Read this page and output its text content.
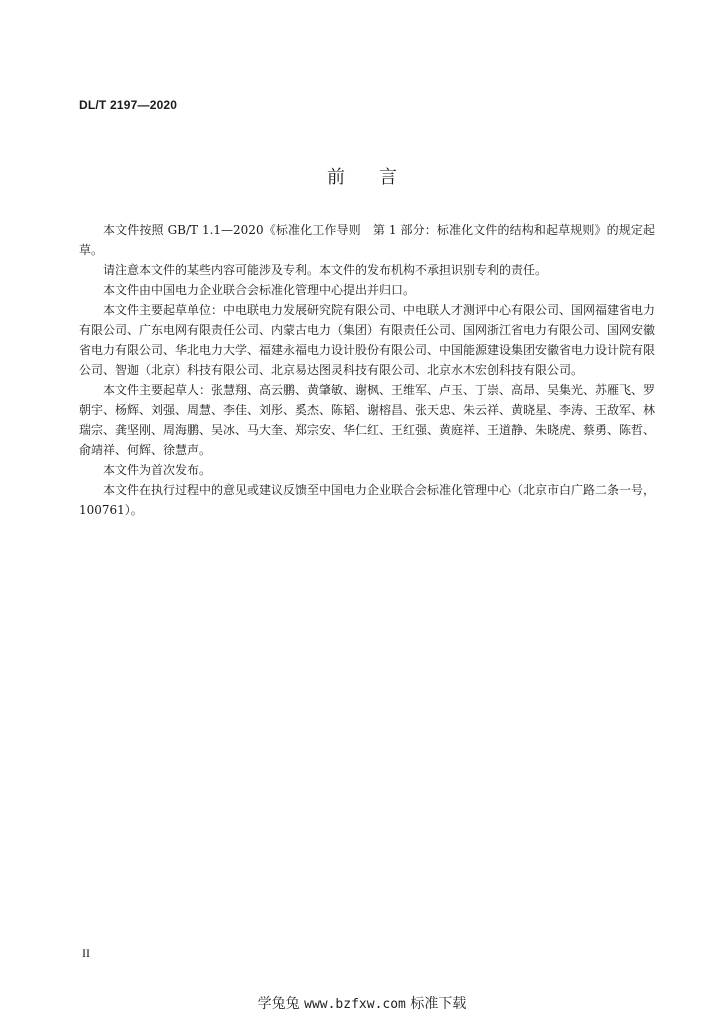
DL/T 2197—2020
前言

本文件按照 GB/T 1.1—2020《标准化工作导则　第 1 部分：标准化文件的结构和起草规则》的规定起草。

请注意本文件的某些内容可能涉及专利。本文件的发布机构不承担识别专利的责任。

本文件由中国电力企业联合会标准化管理中心提出并归口。

本文件主要起草单位：中电联电力发展研究院有限公司、中电联人才测评中心有限公司、国网福建省电力有限公司、广东电网有限责任公司、内蒙古电力（集团）有限责任公司、国网浙江省电力有限公司、国网安徽省电力有限公司、华北电力大学、福建永福电力设计股份有限公司、中国能源建设集团安徽省电力设计院有限公司、智迦（北京）科技有限公司、北京易达图灵科技有限公司、北京水木宏创科技有限公司。

本文件主要起草人：张慧翔、高云鹏、黄肇敏、谢枫、王维军、卢玉、丁崇、高昂、吴集光、苏雁飞、罗朝宇、杨辉、刘强、周慧、李佳、刘彤、奚杰、陈韬、谢榕昌、张天忠、朱云祥、黄晓星、李涛、王敌军、林瑞宗、龚坚刚、周海鹏、吴冰、马大奎、郑宗安、华仁红、王红强、黄庭祥、王道静、朱晓虎、蔡勇、陈哲、俞靖祥、何辉、徐慧声。

本文件为首次发布。

本文件在执行过程中的意见或建议反馈至中国电力企业联合会标准化管理中心（北京市白广路二条一号，100761）。

II
学兔兔 www.bzfxw.com 标准下载
